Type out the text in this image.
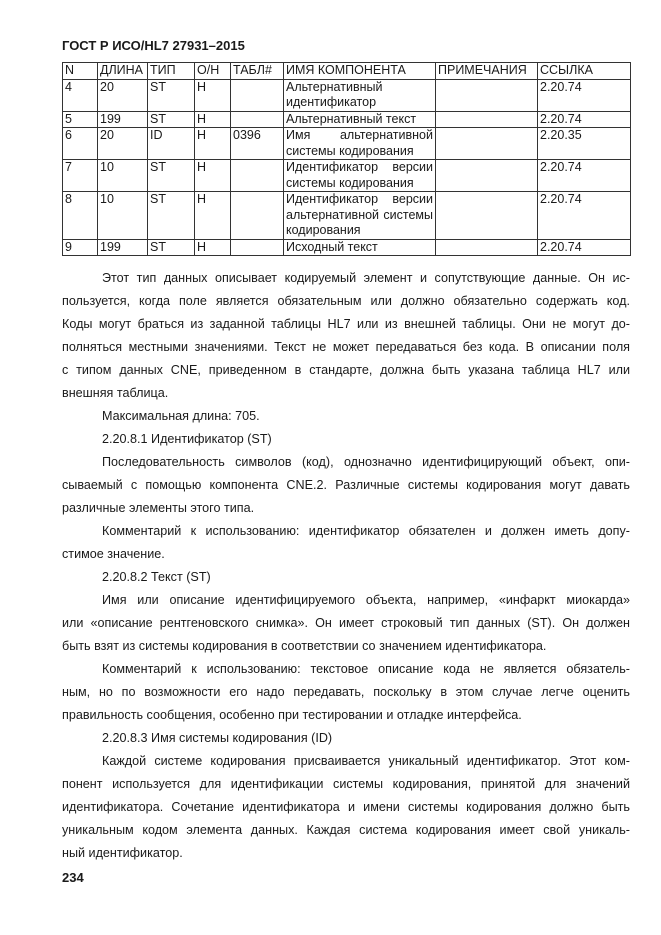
ГОСТ Р ИСО/HL7 27931–2015
N	ДЛИНА	ТИП	О/Н	ТАБЛ#	ИМЯ КОМПОНЕНТА	ПРИМЕЧАНИЯ	ССЫЛКА
4	20	ST	Н		Альтернативный идентификатор		2.20.74
5	199	ST	Н		Альтернативный текст		2.20.74
6	20	ID	Н	0396	Имя альтернативной системы кодирования		2.20.35
7	10	ST	Н		Идентификатор версии системы кодирования		2.20.74
8	10	ST	Н		Идентификатор версии альтернативной системы кодирования		2.20.74
9	199	ST	Н		Исходный текст		2.20.74
Этот тип данных описывает кодируемый элемент и сопутствующие данные. Он ис-
пользуется, когда поле является обязательным или должно обязательно содержать код.
Коды могут браться из заданной таблицы HL7 или из внешней таблицы. Они не могут до-
полняться местными значениями. Текст не может передаваться без кода. В описании поля
с типом данных CNE, приведенном в стандарте, должна быть указана таблица HL7 или
внешняя таблица.
Максимальная длина: 705.
2.20.8.1 Идентификатор (ST)
Последовательность символов (код), однозначно идентифицирующий объект, опи-
сываемый с помощью компонента CNE.2. Различные системы кодирования могут давать
различные элементы этого типа.
Комментарий к использованию: идентификатор обязателен и должен иметь допу-
стимое значение.
2.20.8.2 Текст (ST)
Имя или описание идентифицируемого объекта, например, «инфаркт миокарда»
или «описание рентгеновского снимка». Он имеет строковый тип данных (ST). Он должен
быть взят из системы кодирования в соответствии со значением идентификатора.
Комментарий к использованию: текстовое описание кода не является обязатель-
ным, но по возможности его надо передавать, поскольку в этом случае легче оценить
правильность сообщения, особенно при тестировании и отладке интерфейса.
2.20.8.3 Имя системы кодирования (ID)
Каждой системе кодирования присваивается уникальный идентификатор. Этот ком-
понент используется для идентификации системы кодирования, принятой для значений
идентификатора. Сочетание идентификатора и имени системы кодирования должно быть
уникальным кодом элемента данных. Каждая система кодирования имеет свой уникаль-
ный идентификатор.
234
